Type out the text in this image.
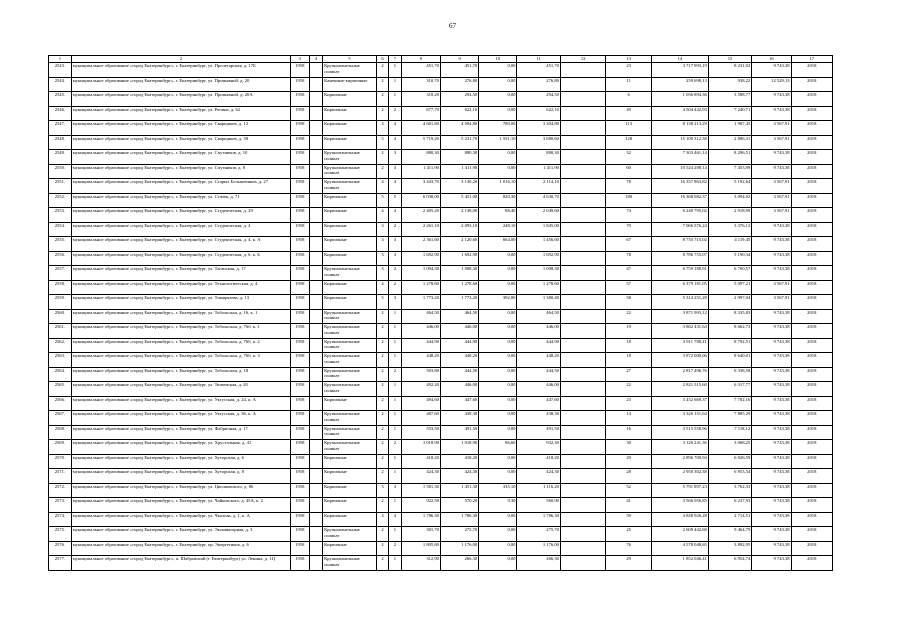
67
1	2	3	4	5	6	7	8	9	10	11	12	13	14	15	16	17
2543.	муниципальное образование «город Екатеринбург», г. Екатеринбург, ул. Пролетарская, д. 17Б	1958		Крупнопанельные силикат	2	1	451,70	451,70	0,00	451,70		23	3 717 993,19	8 231,02	9 743,38	2018
2544.	муниципальное образование «город Екатеринбург», г. Екатеринбург, ул. Промывной, д. 20	1958		Каменные-кирпичные	2	1	310,70	276,80	0,00	276,80		11	259 698,13	938,22	12 529,13	2018
2545.	муниципальное образование «город Екатеринбург», г. Екатеринбург, ул. Промывной, д. 20А	1958		Кирпичные	2	1	318,20	294,50	0,00	294,50		6	1 056 894,36	3 588,77	9 743,38	2018
2546.	муниципальное образование «город Екатеринбург», г. Екатеринбург, ул. Репина, д. 62	1958		Кирпичные	2	2	677,70	622,10	0,00	622,10		49	4 504 442,93	7 240,71	9 743,38	2018
2547.	муниципальное образование «город Екатеринбург», г. Екатеринбург, ул. Сварщиков, д. 12	1958		Кирпичные	3	4	4 601,80	4 094,80	780,00	3 304,80		113	8 138 213,29	1 987,45	3 567,91	2018
2548.	муниципальное образование «город Екатеринбург», г. Екатеринбург, ул. Сварщиков, д. 58	1958		Кирпичные	5	4	5 719,20	5 231,70	1 551,10	3 680,60		128	15 100 312,38	2 886,31	3 567,91	2018
2549.	муниципальное образование «город Екатеринбург», г. Екатеринбург, ул. Спутников, д. 10	1958		Крупнопанельные силикат	2	3	880,30	880,30	0,00	880,30		32	7 303 461,14	8 296,51	9 743,38	2018
2550.	муниципальное образование «город Екатеринбург», г. Екатеринбург, ул. Спутников, д. 8	1958		Крупнопанельные силикат	2	3	1 411,90	1 411,90	0,00	1 411,90		60	10 524 288,14	7 453,99	9 743,38	2018
2551.	муниципальное образование «город Екатеринбург», г. Екатеринбург, ул. Старых Большевиков, д. 27	1958		Крупнопанельные силикат	4	4	3 443,70	3 130,20	1 016,10	2 114,10		78	16 357 863,82	5 192,64	3 567,91	2018
2552.	муниципальное образование «город Екатеринбург», г. Екатеринбург, ул. Стачек, д. 71	1958		Кирпичные	5	5	6 038,00	5 451,00	820,30	4 630,70		180	16 368 082,37	3 094,02	3 567,91	2018
2553.	муниципальное образование «город Екатеринбург», г. Екатеринбург, ул. Студенческая, д. 29	1958		Кирпичные	4	4	2 405,20	2 138,00	88,40	2 049,60		74	6 240 795,02	2 918,99	3 567,91	2018
2554.	муниципальное образование «город Екатеринбург», г. Екатеринбург, ул. Студенческая, д. 4	1958		Кирпичные	3	2	2 261,10	2 093,10	248,10	1 845,00		70	7 066 576,24	3 376,13	9 743,38	2018
2555.	муниципальное образование «город Екатеринбург», г. Екатеринбург, ул. Студенческая, д. 4, к. А	1958		Кирпичные	3	3	2 361,60	2 120,60	664,00	1 456,60		67	8 735 715,02	4 119,45	9 743,38	2018
2556.	муниципальное образование «город Екатеринбург», г. Екатеринбург, ул. Студенческая, д. 6, к. Б	1958		Кирпичные	3	3	1 692,90	1 692,90	0,00	1 692,90		78	8 786 755,07	5 190,34	9 743,38	2018
2557.	муниципальное образование «город Екатеринбург», г. Екатеринбург, ул. Таганская, д. 17	1958		Крупнопанельные силикат	3	2	1 094,30	1 008,30	0,00	1 008,30		47	6 759 188,91	6 700,57	9 743,38	2018
2558.	муниципальное образование «город Екатеринбург», г. Екатеринбург, ул. Технологическая, д. 4	1958		Кирпичные	4	2	1 278,60	1 278,60	0,00	1 278,60		57	6 379 181,05	5 097,21	3 567,91	2018
2559.	муниципальное образование «город Екатеринбург», г. Екатеринбург, ул. Тимирязева, д. 13	1958		Кирпичные	5	3	1 773,20	1 773,20	392,80	1 380,40		58	5 314 251,28	2 997,04	3 567,91	2018
2560.	муниципальное образование «город Екатеринбург», г. Екатеринбург, ул. Тобольская, д. 16, к. 1	1958		Крупнопанельные силикат	2	1	464,50	464,50	0,00	464,50		22	3 871 993,12	8 335,83	9 743,38	2018
2561.	муниципальное образование «город Екатеринбург», г. Екатеринбург, ул. Тобольская, д. 76б, к. 1	1958		Крупнопанельные силикат	2	1	446,00	446,00	0,00	446,00		19	3 862 431,64	8 662,73	9 743,38	2018
2562.	муниципальное образование «город Екатеринбург», г. Екатеринбург, ул. Тобольская, д. 76б, к. 2	1958		Крупнопанельные силикат	2	1	444,90	444,90	0,00	444,90		18	3 911 788,41	8 792,51	9 743,38	2018
2563.	муниципальное образование «город Екатеринбург», г. Екатеринбург, ул. Тобольская, д. 76б, к. 3	1958		Крупнопанельные силикат	2	1	448,20	448,20	0,00	448,20		18	3 872 000,06	8 640,01	9 743,38	2018
2564.	муниципальное образование «город Екатеринбург», г. Екатеринбург, ул. Тобольская, д. 18	1958		Крупнопанельные силикат	2	2	503,80	444,50	0,00	444,50		27	2 817 496,76	6 338,58	9 743,38	2018
2565.	муниципальное образование «город Екатеринбург», г. Екатеринбург, ул. Тюменская, д. 20	1958		Крупнопанельные силикат	2	1	492,20	446,00	0,00	446,00		22	2 821 515,60	6 317,77	9 743,38	2018
2566.	муниципальное образование «город Екатеринбург», г. Екатеринбург, ул. Уктусская, д. 24, к. А	1958		Кирпичные	2	1	494,60	447,60	0,00	447,60		23	3 432 669,37	7 782,16	9 743,38	2018
2567.	муниципальное образование «город Екатеринбург», г. Екатеринбург, ул. Уктусская, д. 36, к. А	1958		Крупнопанельные силикат	2	1	487,60	438,30	0,00	438,30		14	3 326 151,64	7 885,29	9 743,38	2018
2568.	муниципальное образование «город Екатеринбург», г. Екатеринбург, ул. Фабричная, д. 17	1958		Крупнопанельные силикат	2	1	553,50	491,50	0,00	491,50		16	3 515 558,96	7 118,12	9 743,38	2018
2569.	муниципальное образование «город Екатеринбург», г. Екатеринбург, ул. Хрустальная, д. 41	1958		Крупнопанельные силикат	2	2	1 018,90	1 018,90	86,60	932,30		30	3 126 241,36	3 068,25	9 743,38	2018
2570.	муниципальное образование «город Екатеринбург», г. Екатеринбург, ул. Хуторская, д. 6	1958		Кирпичные	2	1	418,20	418,20	0,00	418,20		29	2 896 700,94	6 926,59	9 743,38	2018
2571.	муниципальное образование «город Екатеринбург», г. Екатеринбург, ул. Хуторская, д. 8	1958		Кирпичные	2	1	424,30	424,30	0,00	424,30		28	2 950 302,38	6 953,34	9 743,38	2018
2572.	муниципальное образование «город Екатеринбург», г. Екатеринбург, ул. Циолковского, д. 86	1958		Кирпичные	3	3	1 581,30	1 451,30	335,10	1 116,20		52	5 791 897,23	3 762,33	9 743,38	2018
2573.	муниципальное образование «город Екатеринбург», г. Екатеринбург, ул. Чайковского, д. 45А, к. 2	1958		Кирпичные	2	1	922,50	570,20	9,30	560,90		41	3 566 056,85	6 237,93	9 743,38	2018
2574.	муниципальное образование «город Екатеринбург», г. Екатеринбург, ул. Чкалова, д. 1, к. А	1958		Кирпичные	3	4	1 786,30	1 786,30	0,00	1 786,30		59	4 848 926,28	2 714,51	9 743,38	2018
2575.	муниципальное образование «город Екатеринбург», г. Екатеринбург, ул. Экскаваторная, д. 3	1958		Крупнопанельные силикат	2	1	301,70	275,70	0,00	275,70		25	2 609 442,68	9 464,79	9 743,38	2018
2576.	муниципальное образование «город Екатеринбург», г. Екатеринбург, пр. Энергетиков, д. 6	1958		Кирпичные	2	2	1 805,80	1 176,00	0,00	1 176,00		76	4 578 048,65	3 892,95	9 743,38	2018
2577.	муниципальное образование «город Екатеринбург», п. Шабровский (г. Екатеринбург) ул. Ленина, д. 1Ц	1958		Крупнопанельные силикат	2	1	312,90	266,30	0,00	266,30		29	1 852 046,41	6 954,74	9 743,38	2018
